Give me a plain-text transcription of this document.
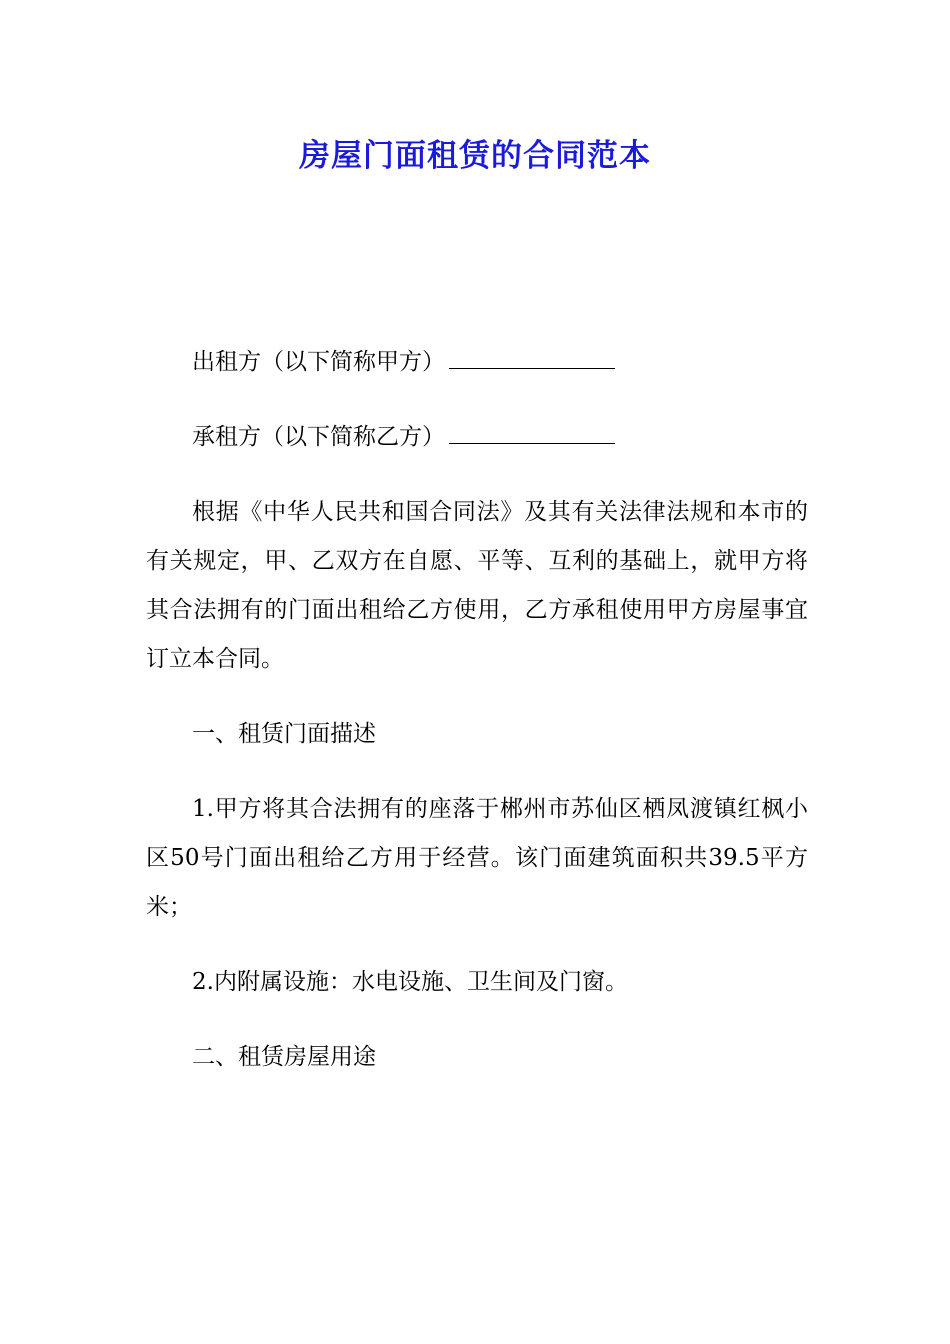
房屋门面租赁的合同范本

出租方（以下简称甲方）

承租方（以下简称乙方）

根据《中华人民共和国合同法》及其有关法律法规和本市的有关规定，甲、乙双方在自愿、平等、互利的基础上，就甲方将其合法拥有的门面出租给乙方使用，乙方承租使用甲方房屋事宜订立本合同。

一、租赁门面描述

1.甲方将其合法拥有的座落于郴州市苏仙区栖凤渡镇红枫小区50号门面出租给乙方用于经营。该门面建筑面积共39.5平方米；

2.内附属设施：水电设施、卫生间及门窗。

二、租赁房屋用途
